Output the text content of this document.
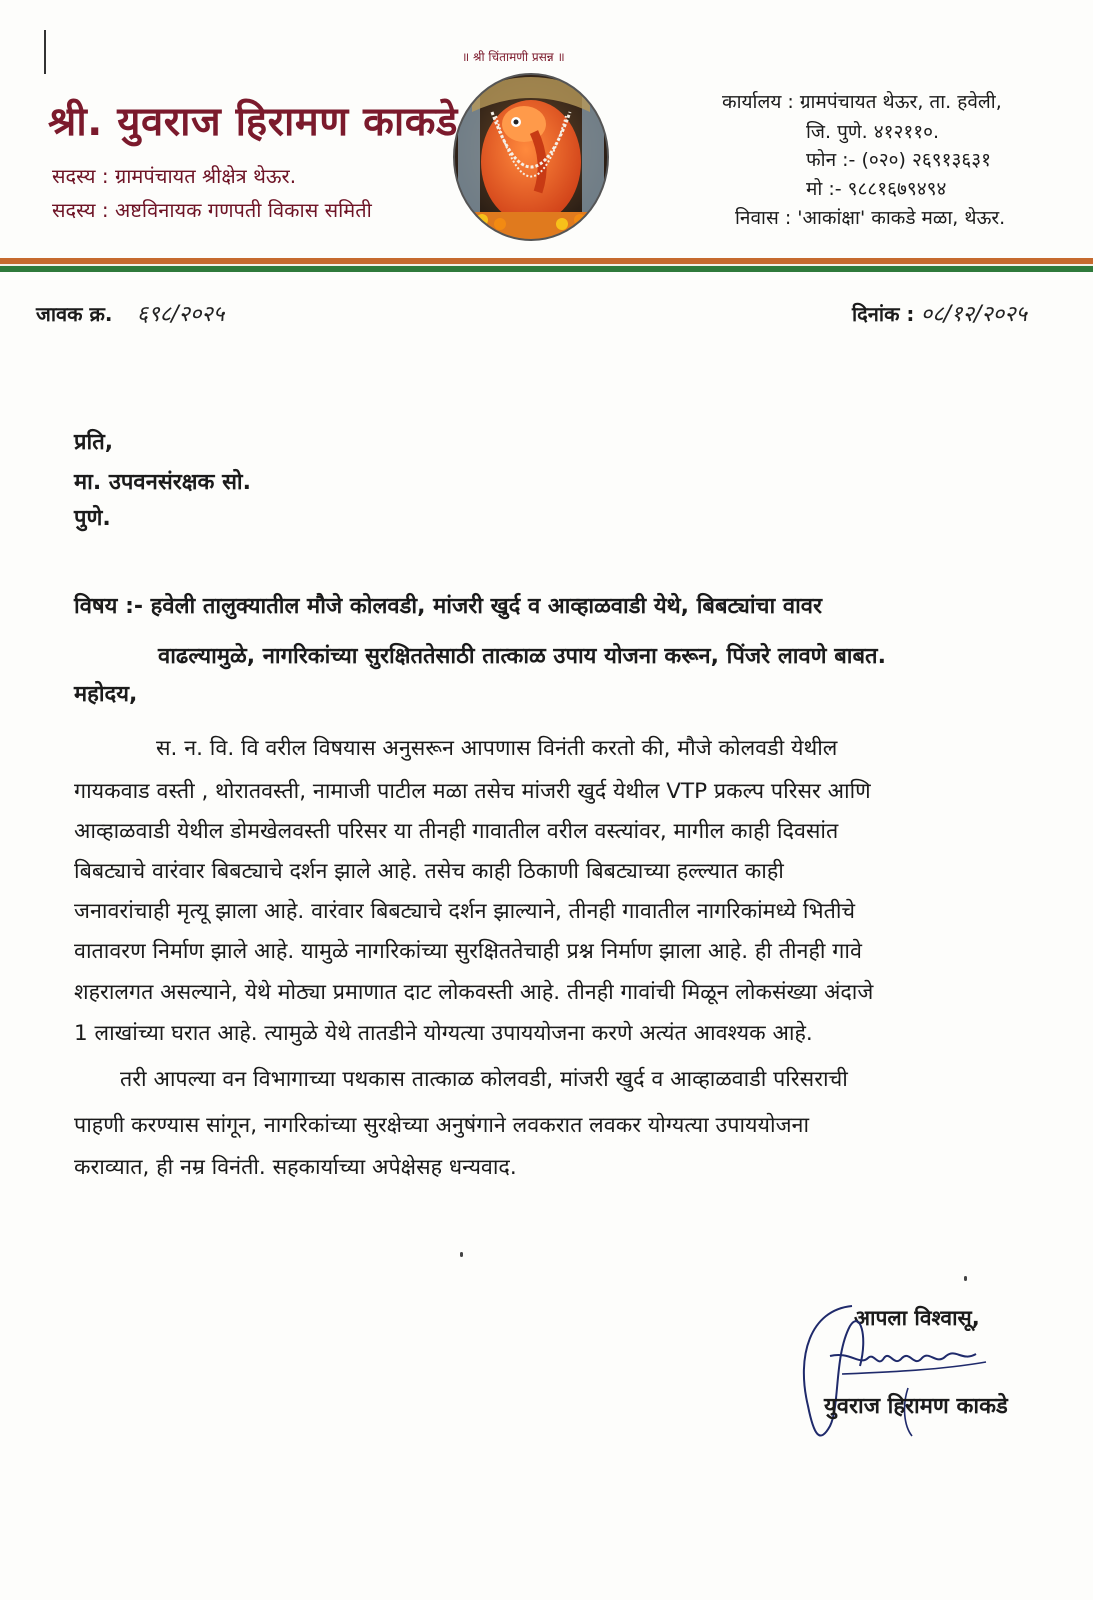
श्री. युवराज हिरामण काकडे
सदस्य : ग्रामपंचायत श्रीक्षेत्र थेऊर.
सदस्य : अष्टविनायक गणपती विकास समिती
॥ श्री चिंतामणी प्रसन्न ॥
कार्यालय : ग्रामपंचायत थेऊर, ता. हवेली,
जि. पुणे. ४१२११०.
फोन :- (०२०) २६९१३६३१
मो :- ९८८१६७९४९४
निवास : 'आकांक्षा' काकडे मळा, थेऊर.
जावक क्र. ६९८/२०२५	दिनांक : ०८/१२/२०२५
प्रति,
मा. उपवनसंरक्षक सो.
पुणे.
विषय :- हवेली तालुक्यातील मौजे कोलवडी, मांजरी खुर्द व आव्हाळवाडी येथे, बिबट्यांचा वावर
वाढल्यामुळे, नागरिकांच्या सुरक्षिततेसाठी तात्काळ उपाय योजना करून, पिंजरे लावणे बाबत.
महोदय,
स. न. वि. वि वरील विषयास अनुसरून आपणास विनंती करतो की, मौजे कोलवडी येथील
गायकवाड वस्ती , थोरातवस्ती, नामाजी पाटील मळा तसेच मांजरी खुर्द येथील VTP प्रकल्प परिसर आणि
आव्हाळवाडी येथील डोमखेलवस्ती परिसर या तीनही गावातील वरील वस्त्यांवर, मागील काही दिवसांत
बिबट्याचे वारंवार बिबट्याचे दर्शन झाले आहे. तसेच काही ठिकाणी बिबट्याच्या हल्ल्यात काही
जनावरांचाही मृत्यू झाला आहे. वारंवार बिबट्याचे दर्शन झाल्याने, तीनही गावातील नागरिकांमध्ये भितीचे
वातावरण निर्माण झाले आहे. यामुळे नागरिकांच्या सुरक्षिततेचाही प्रश्न निर्माण झाला आहे. ही तीनही गावे
शहरालगत असल्याने, येथे मोठ्या प्रमाणात दाट लोकवस्ती आहे. तीनही गावांची मिळून लोकसंख्या अंदाजे
1 लाखांच्या घरात आहे. त्यामुळे येथे तातडीने योग्यत्या उपाययोजना करणे अत्यंत आवश्यक आहे.
तरी आपल्या वन विभागाच्या पथकास तात्काळ कोलवडी, मांजरी खुर्द व आव्हाळवाडी परिसराची
पाहणी करण्यास सांगून, नागरिकांच्या सुरक्षेच्या अनुषंगाने लवकरात लवकर योग्यत्या उपाययोजना
कराव्यात, ही नम्र विनंती. सहकार्याच्या अपेक्षेसह धन्यवाद.
आपला विश्वासू,
युवराज हिरामण काकडे
